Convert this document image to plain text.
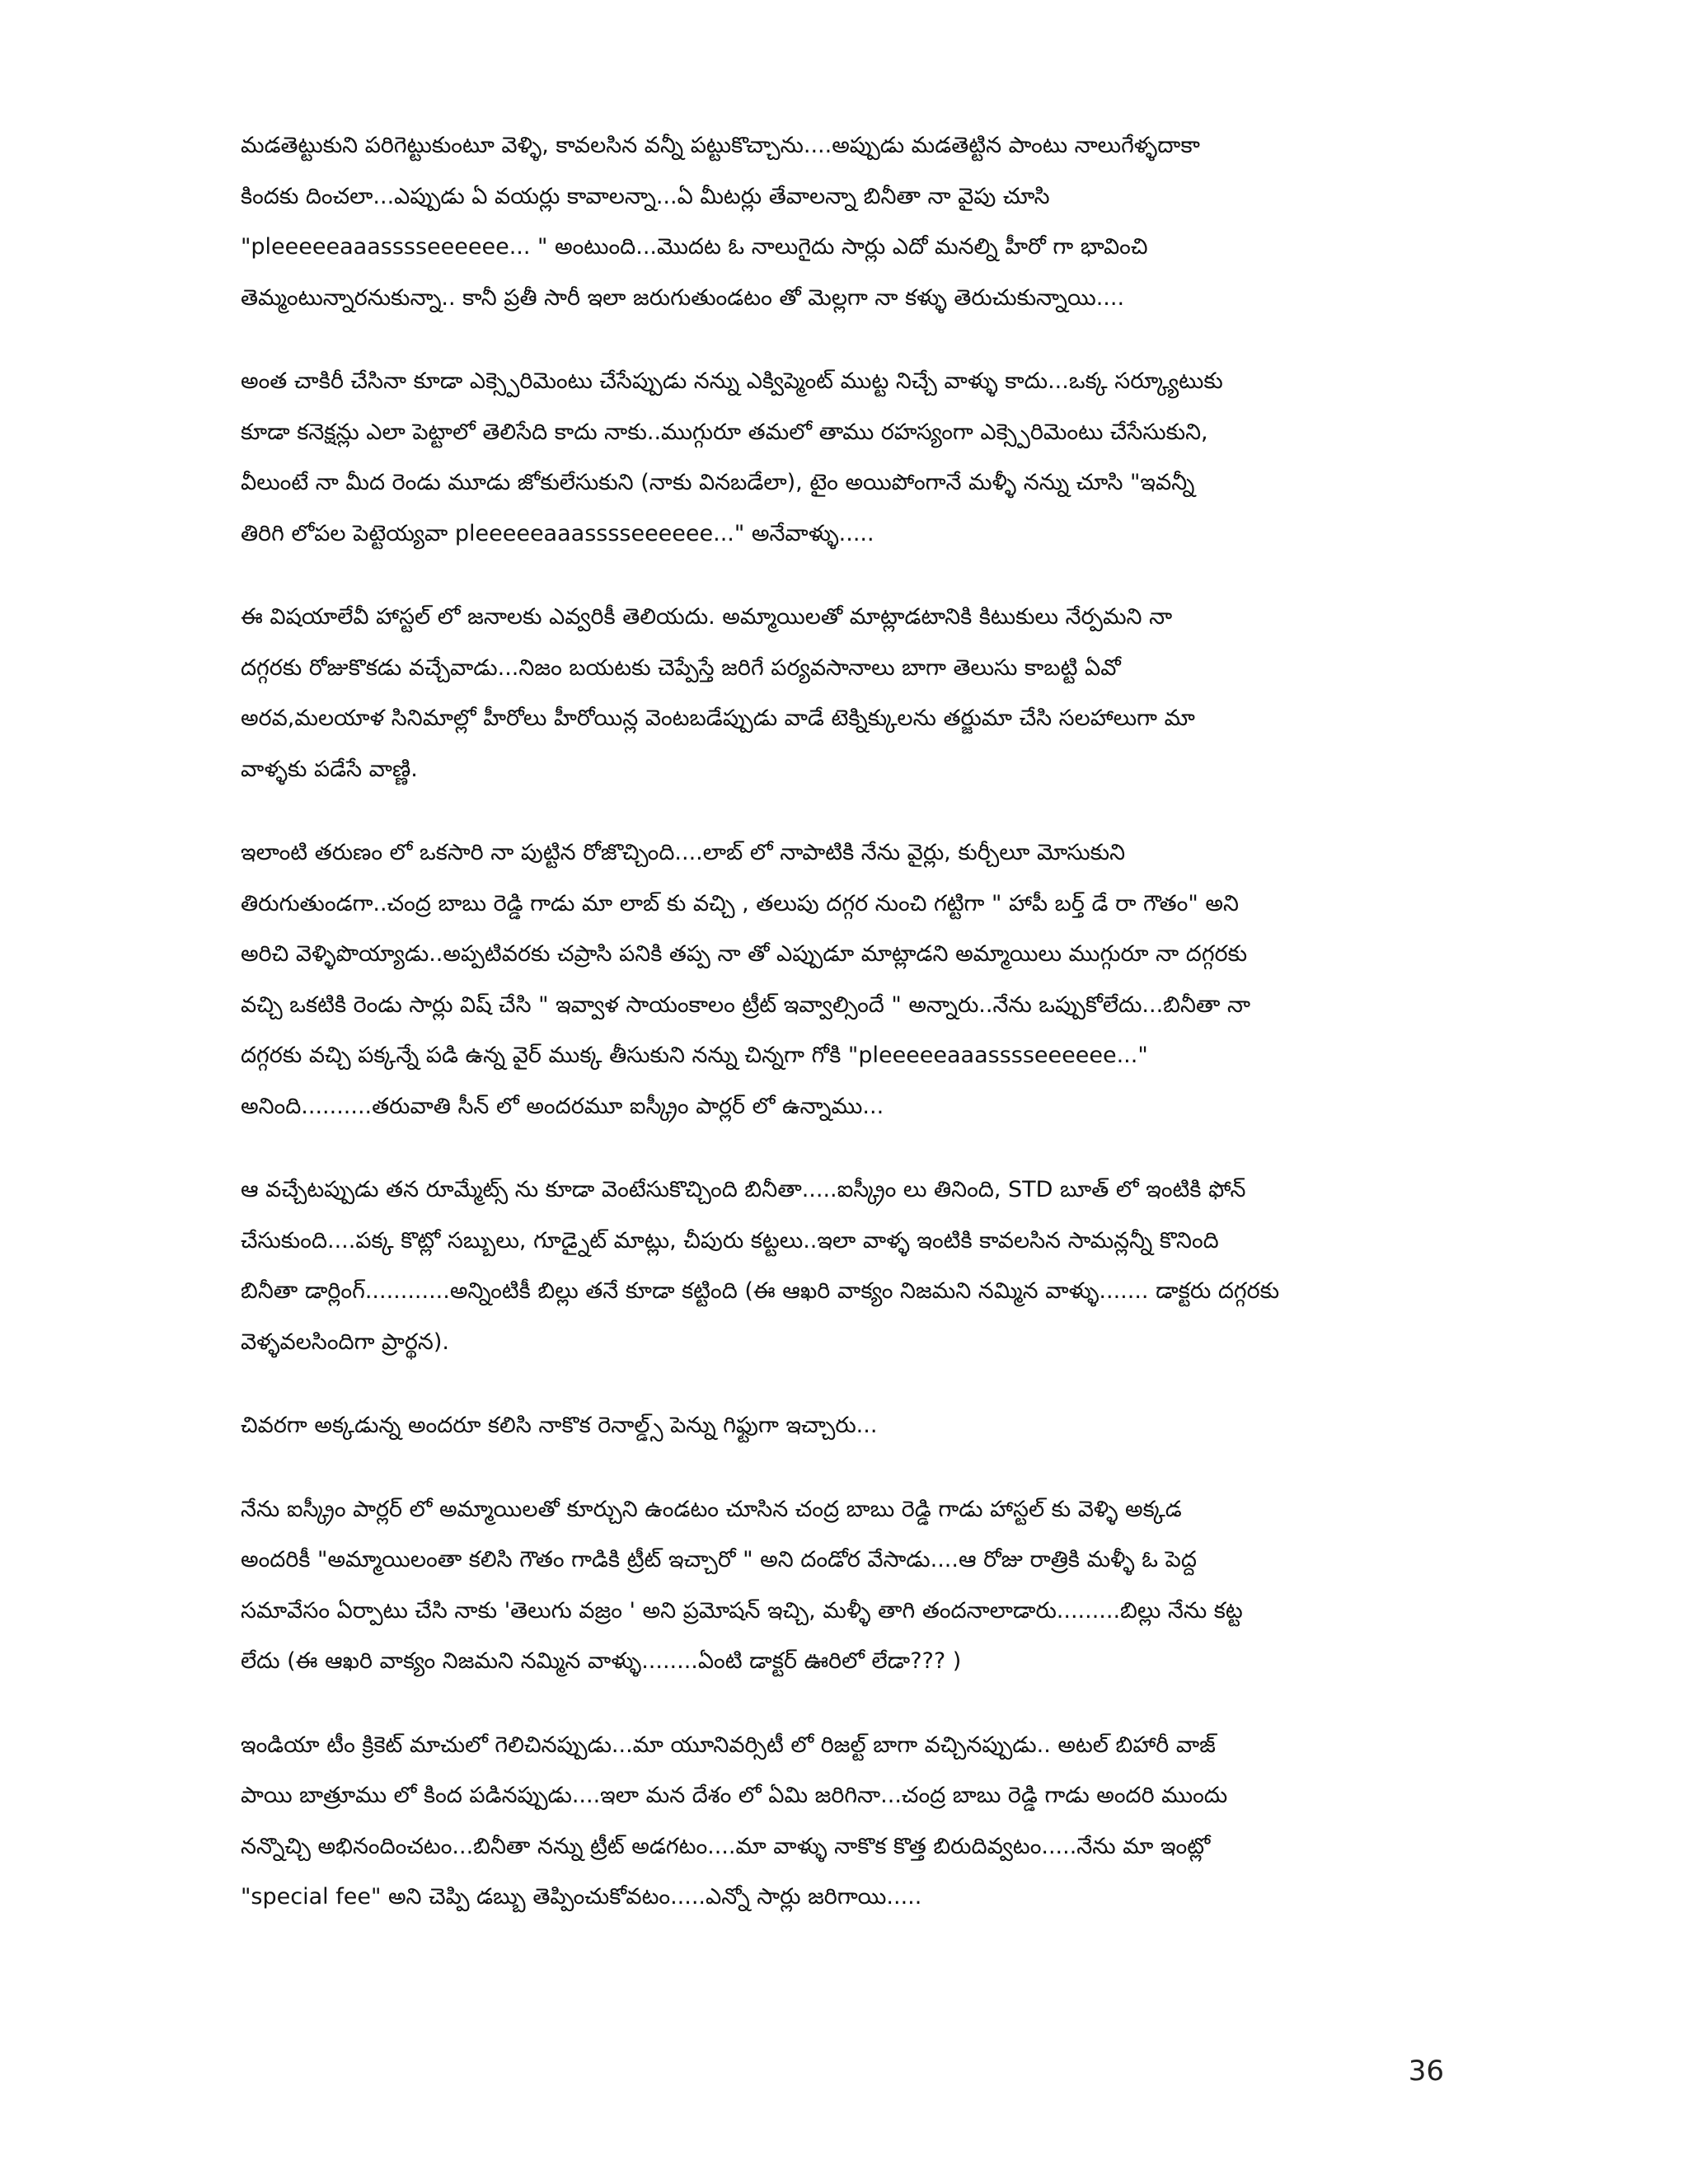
మడతెట్టుకుని పరిగెట్టుకుంటూ వెళ్ళి, కావలసిన వన్నీ పట్టుకొచ్చాను....అప్పుడు మడతెట్టిన పాంటు నాలుగేళ్ళదాకా
కిందకు దించలా...ఎప్పుడు ఏ వయర్లు కావాలన్నా...ఏ మీటర్లు తేవాలన్నా బినీతా నా వైపు చూసి
"pleeeeeaaasssseeeeee... " అంటుంది...మొదట ఓ నాలుగైదు సార్లు ఎదో మనల్ని హీరో గా భావించి
తెమ్మంటున్నారనుకున్నా.. కానీ ప్రతీ సారీ ఇలా జరుగుతుండటం తో మెల్లగా నా కళ్ళు తెరుచుకున్నాయి....

అంత చాకిరీ చేసినా కూడా ఎక్స్పెరిమెంటు చేసేప్పుడు నన్ను ఎక్విప్మెంట్ ముట్ట నిచ్చే వాళ్ళు కాదు...ఒక్క సర్క్యూటుకు
కూడా కనెక్షన్లు ఎలా పెట్టాలో తెలిసేది కాదు నాకు..ముగ్గురూ తమలో తాము రహస్యంగా ఎక్స్పెరిమెంటు చేసేసుకుని,
వీలుంటే నా మీద రెండు మూడు జోకులేసుకుని (నాకు వినబడేలా), టైం అయిపోంగానే మళ్ళీ నన్ను చూసి "ఇవన్నీ
తిరిగి లోపల పెట్టెయ్యవా pleeeeeaaasssseeeeee..." అనేవాళ్ళు.....

ఈ విషయాలేవీ హాస్టల్ లో జనాలకు ఎవ్వరికీ తెలియదు. అమ్మాయిలతో మాట్లాడటానికి కిటుకులు నేర్పమని నా
దగ్గరకు రోజుకొకడు వచ్చేవాడు...నిజం బయటకు చెప్పేస్తే జరిగే పర్యవసానాలు బాగా తెలుసు కాబట్టి ఏవో
అరవ,మలయాళ సినిమాల్లో హీరోలు హీరోయిన్ల వెంటబడేప్పుడు వాడే టెక్నిక్కులను తర్జుమా చేసి సలహాలుగా మా
వాళ్ళకు పడేసే వాణ్ణి.

ఇలాంటి తరుణం లో ఒకసారి నా పుట్టిన రోజొచ్చింది....లాబ్ లో నాపాటికి నేను వైర్లు, కుర్చీలూ మోసుకుని
తిరుగుతుండగా..చంద్ర బాబు రెడ్డి గాడు మా లాబ్ కు వచ్చి , తలుపు దగ్గర నుంచి గట్టిగా " హాపీ బర్త్ డే రా గౌతం" అని
అరిచి వెళ్ళిపొయ్యాడు..అప్పటివరకు చప్రాసి పనికి తప్ప నా తో ఎప్పుడూ మాట్లాడని అమ్మాయిలు ముగ్గురూ నా దగ్గరకు
వచ్చి ఒకటికి రెండు సార్లు విష్ చేసి " ఇవ్వాళ సాయంకాలం ట్రీట్ ఇవ్వాల్సిందే " అన్నారు..నేను ఒప్పుకోలేదు...బినీతా నా
దగ్గరకు వచ్చి పక్కన్నే పడి ఉన్న వైర్ ముక్క తీసుకుని నన్ను చిన్నగా గోకి "pleeeeeaaasssseeeeee..."
అనింది..........తరువాతి సీన్ లో అందరమూ ఐస్క్రీం పార్లర్ లో ఉన్నాము...

ఆ వచ్చేటప్పుడు తన రూమ్మేట్స్ ను కూడా వెంటేసుకొచ్చింది బినీతా.....ఐస్క్రీం లు తినింది, STD బూత్ లో ఇంటికి ఫోన్
చేసుకుంది....పక్క కొట్లో సబ్బులు, గూడ్నైట్ మాట్లు, చీపురు కట్టలు..ఇలా వాళ్ళ ఇంటికి కావలసిన సామన్లన్నీ కొనింది
బినీతా డార్లింగ్............అన్నింటికీ బిల్లు తనే కూడా కట్టింది (ఈ ఆఖరి వాక్యం నిజమని నమ్మిన వాళ్ళు....... డాక్టరు దగ్గరకు
వెళ్ళవలసిందిగా ప్రార్థన).

చివరగా అక్కడున్న అందరూ కలిసి నాకొక రెనాల్డ్స్ పెన్ను గిఫ్టుగా ఇచ్చారు...

నేను ఐస్క్రీం పార్లర్ లో అమ్మాయిలతో కూర్చుని ఉండటం చూసిన చంద్ర బాబు రెడ్డి గాడు హాస్టల్ కు వెళ్ళి అక్కడ
అందరికీ "అమ్మాయిలంతా కలిసి గౌతం గాడికి ట్రీట్ ఇచ్చారో " అని దండోర వేసాడు....ఆ రోజు రాత్రికి మళ్ళీ ఓ పెద్ద
సమావేసం ఏర్పాటు చేసి నాకు 'తెలుగు వజ్రం ' అని ప్రమోషన్ ఇచ్చి, మళ్ళీ తాగి తందనాలాడారు.........బిల్లు నేను కట్ట
లేదు (ఈ ఆఖరి వాక్యం నిజమని నమ్మిన వాళ్ళు........ఏంటి డాక్టర్ ఊరిలో లేడా??? )

ఇండియా టీం క్రికెట్ మాచులో గెలిచినప్పుడు...మా యూనివర్సిటీ లో రిజల్ట్ బాగా వచ్చినప్పుడు.. అటల్ బిహారీ వాజ్
పాయి బాత్రూము లో కింద పడినప్పుడు....ఇలా మన దేశం లో ఏమి జరిగినా...చంద్ర బాబు రెడ్డి గాడు అందరి ముందు
నన్నొచ్చి అభినందించటం...బినీతా నన్ను ట్రీట్ అడగటం....మా వాళ్ళు నాకొక కొత్త బిరుదివ్వటం.....నేను మా ఇంట్లో
"special fee" అని చెప్పి డబ్బు తెప్పించుకోవటం.....ఎన్నో సార్లు జరిగాయి.....

36
